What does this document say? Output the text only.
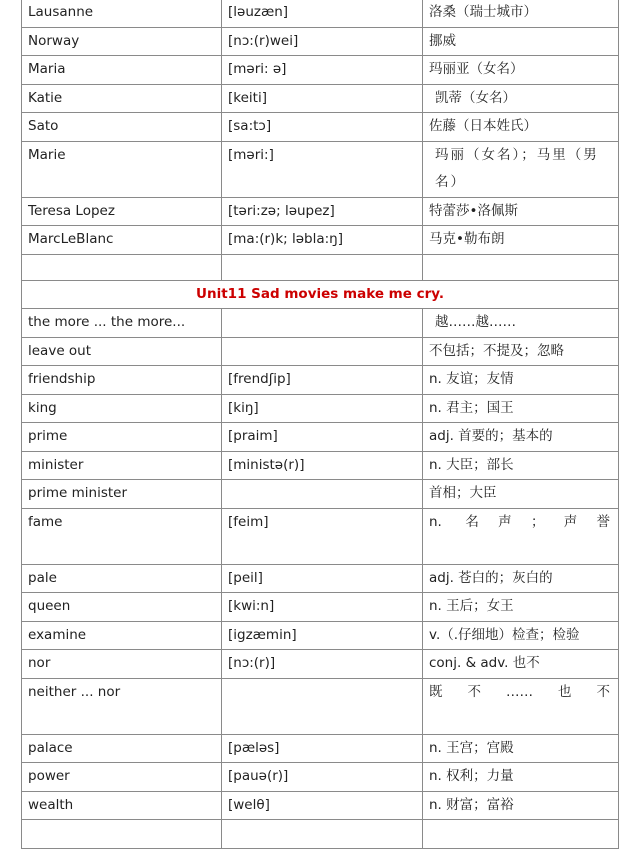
Lausanne	[ləuzæn]	洛桑（瑞士城市）
Norway	[nɔ:(r)wei]	挪威
Maria	[məri: ə]	玛丽亚（女名）
Katie	[keiti]	凯蒂（女名）
Sato	[sa:tɔ]	佐藤（日本姓氏）
Marie	[məri:]	玛丽（女名）；马里（男名）
Teresa Lopez	[təri:zə; ləupez]	特蕾莎•洛佩斯
MarcLeBlanc	[ma:(r)k; ləbla:ŋ]	马克•勒布朗

Unit11 Sad movies make me cry.		
the more ... the more...		越……越……
leave out		不包括；不提及；忽略
friendship	[frendʃip]	n. 友谊；友情
king	[kiŋ]	n. 君主；国王
prime	[praim]	adj. 首要的；基本的
minister	[ministə(r)]	n. 大臣；部长
prime minister		首相；大臣
fame	[feim]	n. 名声；声誉
pale	[peil]	adj. 苍白的；灰白的
queen	[kwi:n]	n. 王后；女王
examine	[igzæmin]	v.（.仔细地）检查；检验
nor	[nɔ:(r)]	conj. & adv. 也不
neither ... nor		既不……也不
palace	[pæləs]	n. 王宫；宫殿
power	[pauə(r)]	n. 权利；力量
wealth	[welθ]	n. 财富；富裕
